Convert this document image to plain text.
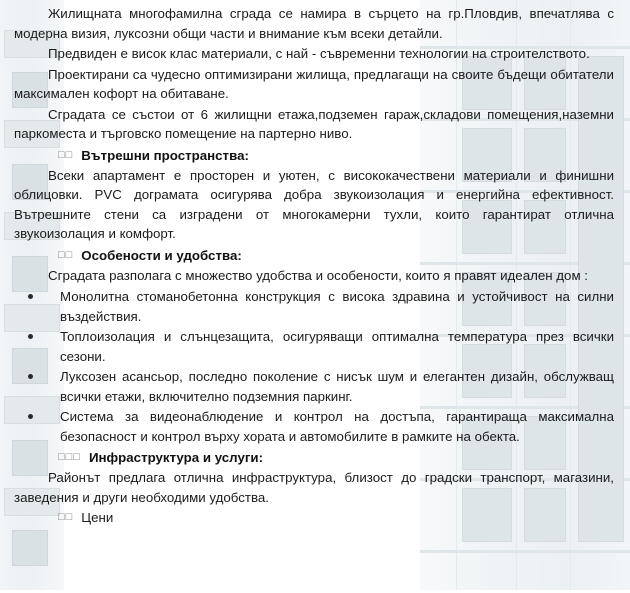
Жилищната многофамилна сграда се намира в сърцето на гр.Пловдив, впечатлява с модерна визия, луксозни общи части и внимание към всеки детайли.

Предвиден е висок клас материали, с най - съвременни технологии на строителството.

Проектирани са чудесно оптимизирани жилища, предлагащи на своите бъдещи обитатели максимален кофорт на обитаване.

Сградата се състои от 6 жилищни етажа,подземен гараж,складови помещения,наземни паркоместа и търговско помещение на партерно ниво.

□□ Вътрешни пространства:

Всеки апартамент е просторен и уютен, с висококачествени материали и финишни облицовки. PVC дограмата осигурява добра звукоизолация и енергийна ефективност. Вътрешните стени са изградени от многокамерни тухли, които гарантират отлична звукоизолация и комфорт.

□□ Особености и удобства:

Сградата разполага с множество удобства и особености, които я правят идеален дом :

Монолитна стоманобетонна конструкция с висока здравина и устойчивост на силни въздействия.
Топлоизолация и слънцезащита, осигуряващи оптимална температура през всички сезони.
Луксозен асансьор, последно поколение с нисък шум и елегантен дизайн, обслужващ всички етажи, включително подземния паркинг.
Система за видеонаблюдение и контрол на достъпа, гарантираща максимална безопасност и контрол върху хората и автомобилите в рамките на обекта.
□□□ Инфраструктура и услуги:

Районът предлага отлична инфраструктура, близост до градски транспорт, магазини, заведения и други необходими удобства.

□□ Цени
